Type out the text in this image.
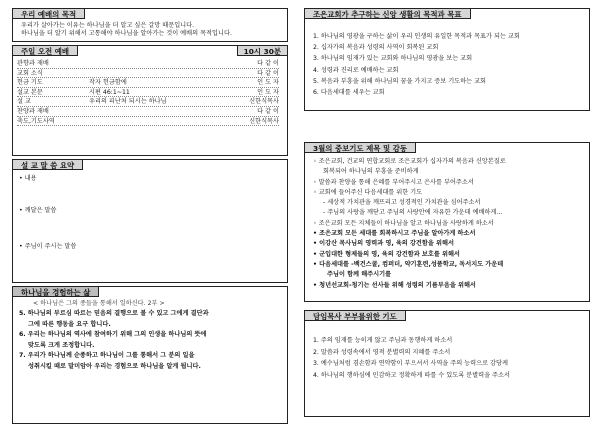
우리 예배의 목적
우리가 살아가는 이유는 하나님을 더 알고 싶은 갈망 때문입니다.
하나님을 더 알기 위해서 고통해야 하나님을 알아가는 것이 예배의 목적입니다.
주일 오전 예배	10시 30분
관향과 재배	다 같 이
교회 소식	다 같 이
헌금 기도	작자 헌금함에	인 도 자
설교 본문	시편 46:1~11	인 도 자
설 교	우리의 피난처 되시는 하나님	신한식목사
찬양과 재배	다 같 이
축도,기도사역	신한식목사
설 교 말 씀 요약
• 내용
• 깨달은 말씀
• 주님이 주시는 말씀
하나님을 경험하는 삶
< 하나님은 그의 종들을 통해서 일하신다. 2부 >
5. 하나님의 부르심 따르는 믿음의 결행으로 볼 수 있고 그에게 결단과
그에 따른 행동을 요구 합니다.
6. 우리는 하나님의 역사에 참여하기 위해 그의 인생을 하나님의 뜻에
맞도록 크게 조정합니다.
7. 우리가 하나님께 순종하고 하나님이 그를 통해서 그 분의 일을
성취시킬 때로 말미암아 우리는 경험으로 하나님을 알게 됩니다.
조은교회가 추구하는 신앙 생활의 목적과 목표
1. 하나님의 영광을 구하는 삶이 우리 인생의 유일한 목적과 목표가 되는 교회
2. 십자가의 복음과 성령의 사역이 회복된 교회
3. 하나님의 임재가 있는 교회와 하나님의 영광을 보는 교회
4. 성령과 진리로 예배하는 교회
5. 복음과 부흥을 위해 하나님의 꿈을 가지고 증보 기도하는 교회
6. 다음세대를 세우는 교회
3월의 중보기도 제목 및 감동
◦ 조은교회, 건교의 연합교회로 조은교회가 십자가의 복음과 신앙본질로
회복되어 하나님의 부흥을 준비하게
◦ 말씀과 찬양을 통해 은혜를 부어주시고 은사를 부어주소서
◦ 교회에 들어주신 다음세대를 위한 기도
- 세상적 가치관을 깨뜨리고 성경적인 가치관을 심어주소서
- 주님의 사랑을 깨닫고 주님의 사랑안에 자유한 가운데 예배하게...
◦ 조은교회 모든 지체들이 하나님을 알고 하나님을 사랑하게 하소서
• 조은교회 모든 세대를 회복하시고 주님을 알아가게 하소서
• 이강산 목사님의 영력과 영, 육의 강건함을 위해서
• 군입대한 형제들의 영, 육의 강건함과 보호를 위해서
• 다음세대를 -백건스쿨, 컴퍼더, 약기훈련,성품학교, 독서지도 가운데
주님이 함께 해주시기를
• 청년선교회-청기는 선사들 위해 성령의 기름부음을 위해서
담임목사 부부를위한 기도
1. 주의 임재를 능히게 않고 주님과 동행하게 하소서
2. 말씀과 성령속에서 영적 분별력의 지혜를 주소서
3. 예수님처럼 겸손함과 연약함이 부으셔서 사역을 주의 능력으로 감당케
4. 하나님의 행하심에 민감하고 정확하게 따를 수 있도록 분별력을 주소서
